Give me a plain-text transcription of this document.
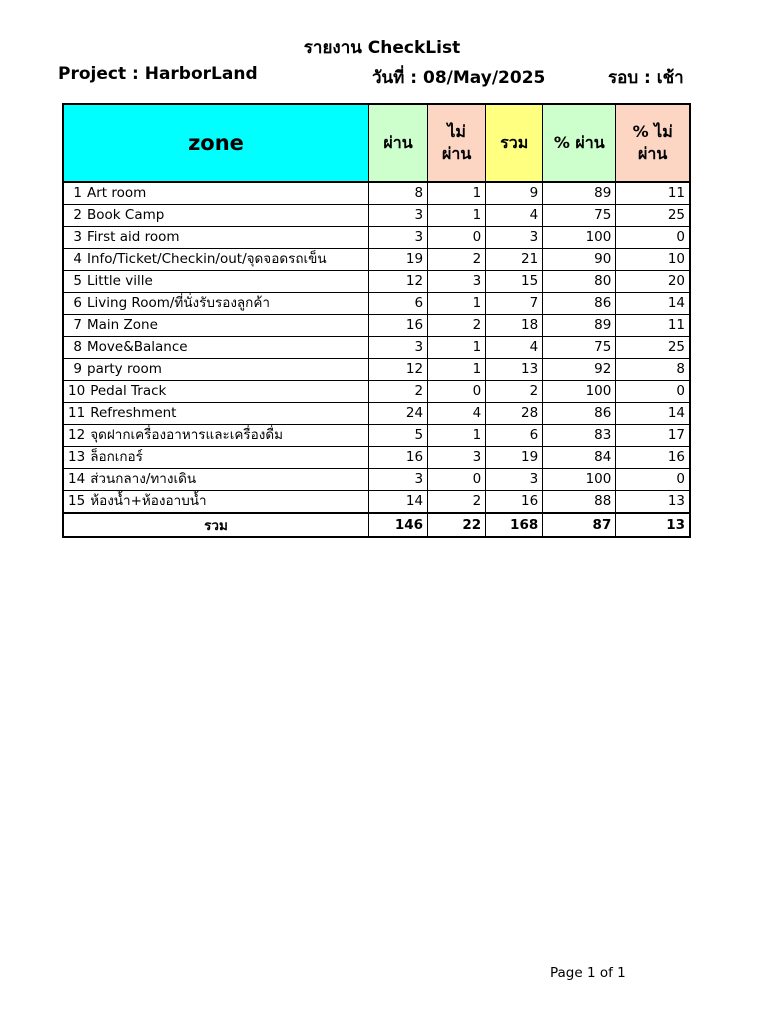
รายงาน CheckList
Project : HarborLand	วันที่ : 08/May/2025	รอบ : เช้า
zone	ผ่าน	ไม่ ผ่าน	รวม	% ผ่าน	% ไม่ ผ่าน
1 Art room	8	1	9	89	11
2 Book Camp	3	1	4	75	25
3 First aid room	3	0	3	100	0
4 Info/Ticket/Checkin/out/จุดจอดรถเข็น	19	2	21	90	10
5 Little ville	12	3	15	80	20
6 Living Room/ที่นั่งรับรองลูกค้า	6	1	7	86	14
7 Main Zone	16	2	18	89	11
8 Move&Balance	3	1	4	75	25
9 party room	12	1	13	92	8
10 Pedal Track	2	0	2	100	0
11 Refreshment	24	4	28	86	14
12 จุดฝากเครื่องอาหารและเครื่องดื่ม	5	1	6	83	17
13 ล็อกเกอร์	16	3	19	84	16
14 ส่วนกลาง/ทางเดิน	3	0	3	100	0
15 ห้องน้ำ+ห้องอาบน้ำ	14	2	16	88	13
รวม	146	22	168	87	13
Page 1 of 1
